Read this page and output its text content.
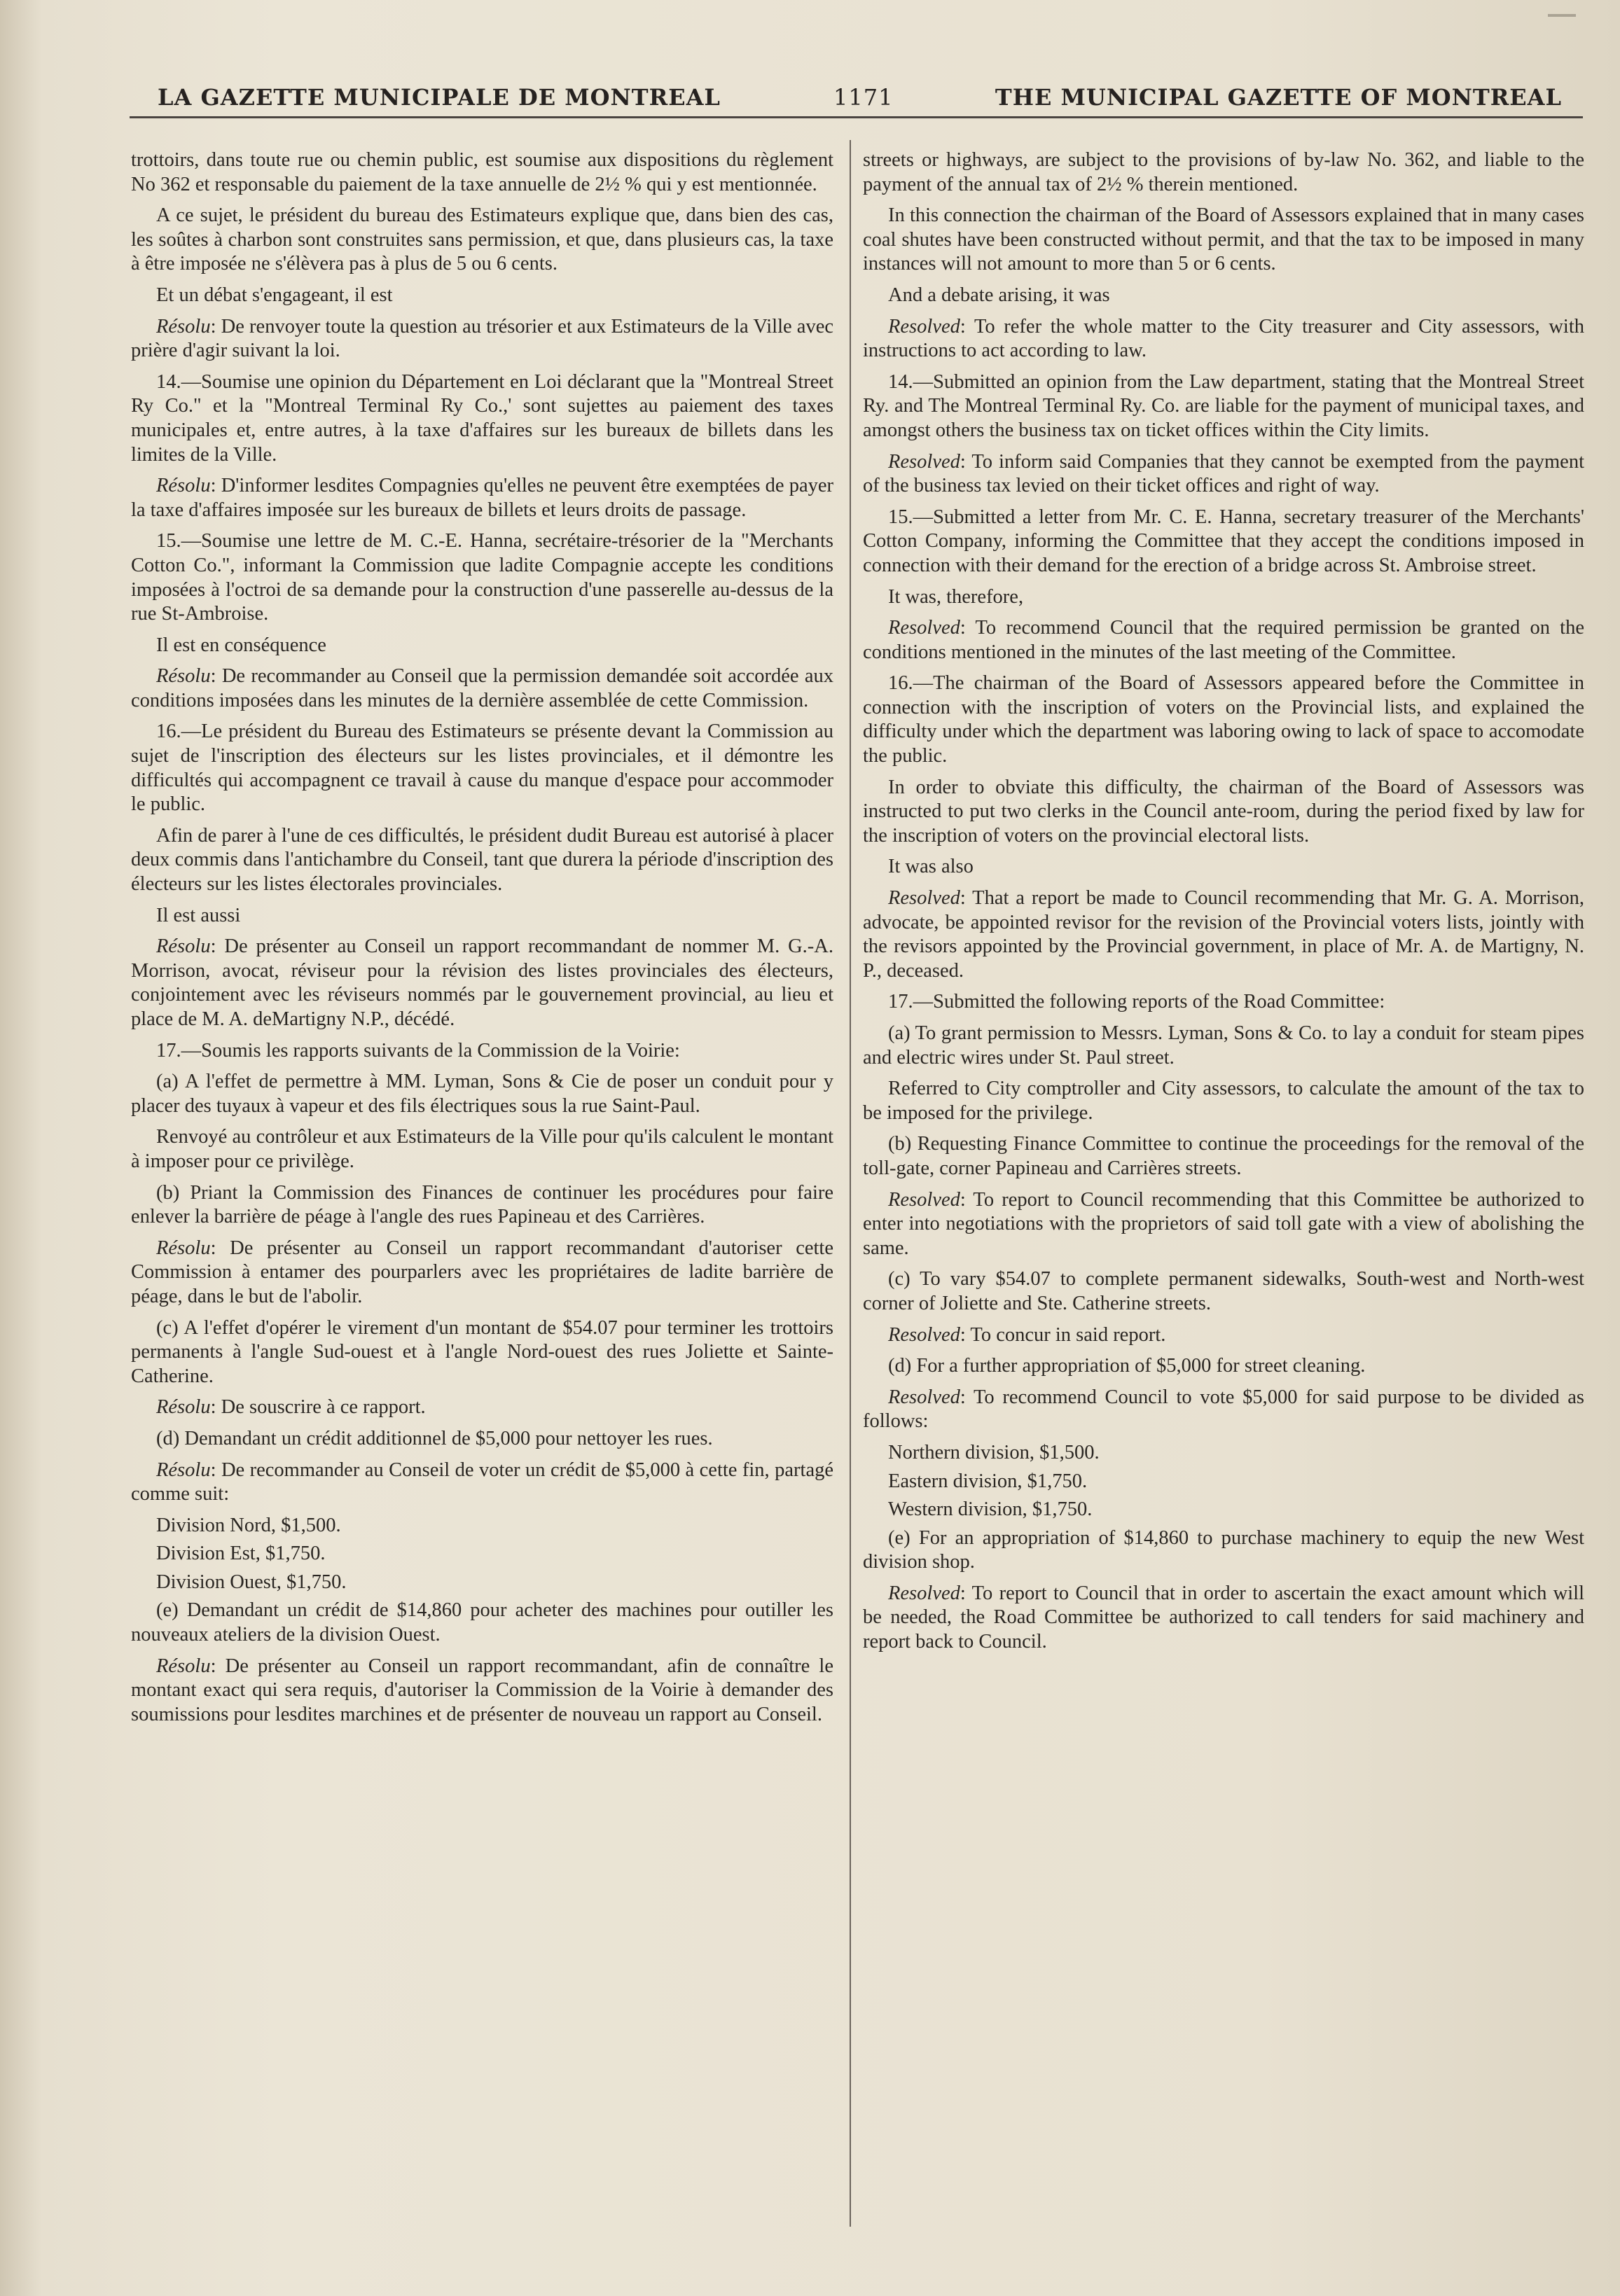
LA GAZETTE MUNICIPALE DE MONTREAL	1171	THE MUNICIPAL GAZETTE OF MONTREAL

trottoirs, dans toute rue ou chemin public, est soumise aux dispositions du règlement No 362 et responsable du paiement de la taxe annuelle de 2½ % qui y est mentionnée.

A ce sujet, le président du bureau des Estimateurs explique que, dans bien des cas, les soûtes à charbon sont construites sans permission, et que, dans plusieurs cas, la taxe à être imposée ne s'élèvera pas à plus de 5 ou 6 cents.

Et un débat s'engageant, il est

Résolu: De renvoyer toute la question au trésorier et aux Estimateurs de la Ville avec prière d'agir suivant la loi.

14.—Soumise une opinion du Département en Loi déclarant que la "Montreal Street Ry Co." et la "Montreal Terminal Ry Co.,' sont sujettes au paiement des taxes municipales et, entre autres, à la taxe d'affaires sur les bureaux de billets dans les limites de la Ville.

Résolu: D'informer lesdites Compagnies qu'elles ne peuvent être exemptées de payer la taxe d'affaires imposée sur les bureaux de billets et leurs droits de passage.

15.—Soumise une lettre de M. C.-E. Hanna, secrétaire-trésorier de la "Merchants Cotton Co.", informant la Commission que ladite Compagnie accepte les conditions imposées à l'octroi de sa demande pour la construction d'une passerelle au-dessus de la rue St-Ambroise.

Il est en conséquence

Résolu: De recommander au Conseil que la permission demandée soit accordée aux conditions imposées dans les minutes de la dernière assemblée de cette Commission.

16.—Le président du Bureau des Estimateurs se présente devant la Commission au sujet de l'inscription des électeurs sur les listes provinciales, et il démontre les difficultés qui accompagnent ce travail à cause du manque d'espace pour accommoder le public.

Afin de parer à l'une de ces difficultés, le président dudit Bureau est autorisé à placer deux commis dans l'antichambre du Conseil, tant que durera la période d'inscription des électeurs sur les listes électorales provinciales.

Il est aussi

Résolu: De présenter au Conseil un rapport recommandant de nommer M. G.-A. Morrison, avocat, réviseur pour la révision des listes provinciales des électeurs, conjointement avec les réviseurs nommés par le gouvernement provincial, au lieu et place de M. A. deMartigny N.P., décédé.

17.—Soumis les rapports suivants de la Commission de la Voirie:

(a) A l'effet de permettre à MM. Lyman, Sons & Cie de poser un conduit pour y placer des tuyaux à vapeur et des fils électriques sous la rue Saint-Paul.

Renvoyé au contrôleur et aux Estimateurs de la Ville pour qu'ils calculent le montant à imposer pour ce privilège.

(b) Priant la Commission des Finances de continuer les procédures pour faire enlever la barrière de péage à l'angle des rues Papineau et des Carrières.

Résolu: De présenter au Conseil un rapport recommandant d'autoriser cette Commission à entamer des pourparlers avec les propriétaires de ladite barrière de péage, dans le but de l'abolir.

(c) A l'effet d'opérer le virement d'un montant de $54.07 pour terminer les trottoirs permanents à l'angle Sud-ouest et à l'angle Nord-ouest des rues Joliette et Sainte-Catherine.

Résolu: De souscrire à ce rapport.

(d) Demandant un crédit additionnel de $5,000 pour nettoyer les rues.

Résolu: De recommander au Conseil de voter un crédit de $5,000 à cette fin, partagé comme suit:

Division Nord, $1,500.

Division Est, $1,750.

Division Ouest, $1,750.

(e) Demandant un crédit de $14,860 pour acheter des machines pour outiller les nouveaux ateliers de la division Ouest.

Résolu: De présenter au Conseil un rapport recommandant, afin de connaître le montant exact qui sera requis, d'autoriser la Commission de la Voirie à demander des soumissions pour lesdites marchines et de présenter de nouveau un rapport au Conseil.

streets or highways, are subject to the provisions of by-law No. 362, and liable to the payment of the annual tax of 2½ % therein mentioned.

In this connection the chairman of the Board of Assessors explained that in many cases coal shutes have been constructed without permit, and that the tax to be imposed in many instances will not amount to more than 5 or 6 cents.

And a debate arising, it was

Resolved: To refer the whole matter to the City treasurer and City assessors, with instructions to act according to law.

14.—Submitted an opinion from the Law department, stating that the Montreal Street Ry. and The Montreal Terminal Ry. Co. are liable for the payment of municipal taxes, and amongst others the business tax on ticket offices within the City limits.

Resolved: To inform said Companies that they cannot be exempted from the payment of the business tax levied on their ticket offices and right of way.

15.—Submitted a letter from Mr. C. E. Hanna, secretary treasurer of the Merchants' Cotton Company, informing the Committee that they accept the conditions imposed in connection with their demand for the erection of a bridge across St. Ambroise street.

It was, therefore,

Resolved: To recommend Council that the required permission be granted on the conditions mentioned in the minutes of the last meeting of the Committee.

16.—The chairman of the Board of Assessors appeared before the Committee in connection with the inscription of voters on the Provincial lists, and explained the difficulty under which the department was laboring owing to lack of space to accomodate the public.

In order to obviate this difficulty, the chairman of the Board of Assessors was instructed to put two clerks in the Council ante-room, during the period fixed by law for the inscription of voters on the provincial electoral lists.

It was also

Resolved: That a report be made to Council recommending that Mr. G. A. Morrison, advocate, be appointed revisor for the revision of the Provincial voters lists, jointly with the revisors appointed by the Provincial government, in place of Mr. A. de Martigny, N. P., deceased.

17.—Submitted the following reports of the Road Committee:

(a) To grant permission to Messrs. Lyman, Sons & Co. to lay a conduit for steam pipes and electric wires under St. Paul street.

Referred to City comptroller and City assessors, to calculate the amount of the tax to be imposed for the privilege.

(b) Requesting Finance Committee to continue the proceedings for the removal of the toll-gate, corner Papineau and Carrières streets.

Resolved: To report to Council recommending that this Committee be authorized to enter into negotiations with the proprietors of said toll gate with a view of abolishing the same.

(c) To vary $54.07 to complete permanent sidewalks, South-west and North-west corner of Joliette and Ste. Catherine streets.

Resolved: To concur in said report.

(d) For a further appropriation of $5,000 for street cleaning.

Resolved: To recommend Council to vote $5,000 for said purpose to be divided as follows:

Northern division, $1,500.

Eastern division, $1,750.

Western division, $1,750.

(e) For an appropriation of $14,860 to purchase machinery to equip the new West division shop.

Resolved: To report to Council that in order to ascertain the exact amount which will be needed, the Road Committee be authorized to call tenders for said machinery and report back to Council.
